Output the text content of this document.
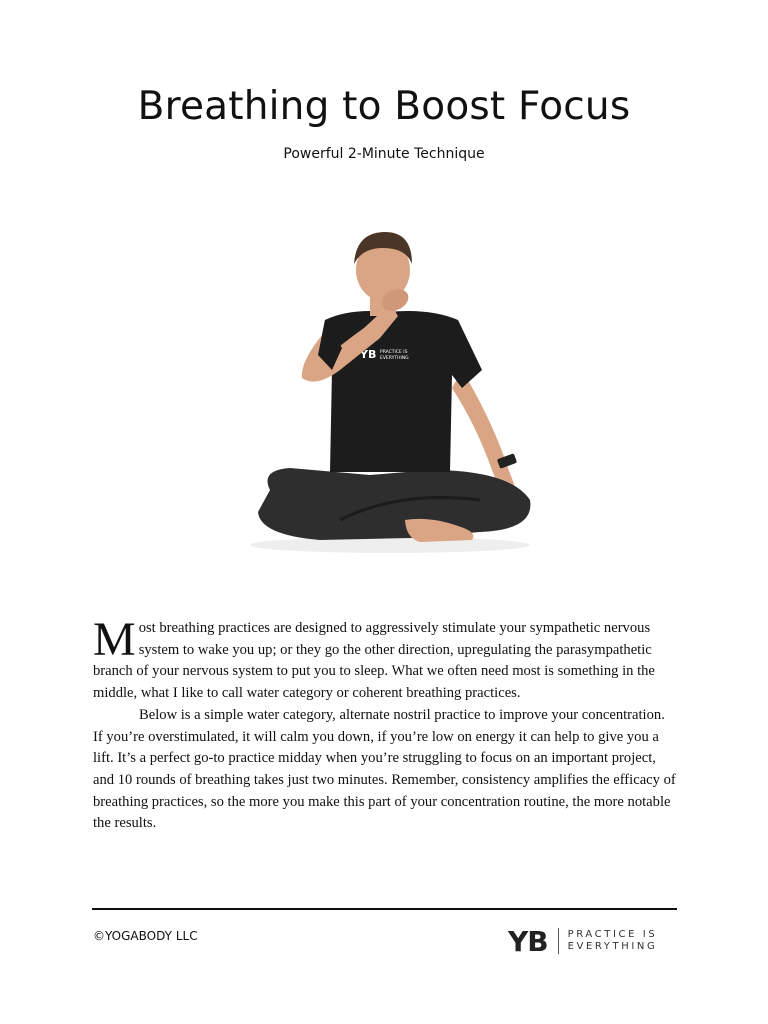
Breathing to Boost Focus
Powerful 2-Minute Technique
YB PRACTICE IS
EVERYTHING

Most breathing practices are designed to aggressively stimulate your sympathetic nervous system to wake you up; or they go the other direction, upregulating the parasympathetic branch of your nervous system to put you to sleep. What we often need most is something in the middle, what I like to call water category or coherent breathing practices.

Below is a simple water category, alternate nostril practice to improve your concentration. If you’re overstimulated, it will calm you down, if you’re low on energy it can help to give you a lift. It’s a perfect go-to practice midday when you’re struggling to focus on an important project, and 10 rounds of breathing takes just two minutes. Remember, consistency amplifies the efficacy of breathing practices, so the more you make this part of your concentration routine, the more notable the results.

©YOGABODY LLC	YB PRACTICE IS
EVERYTHING
